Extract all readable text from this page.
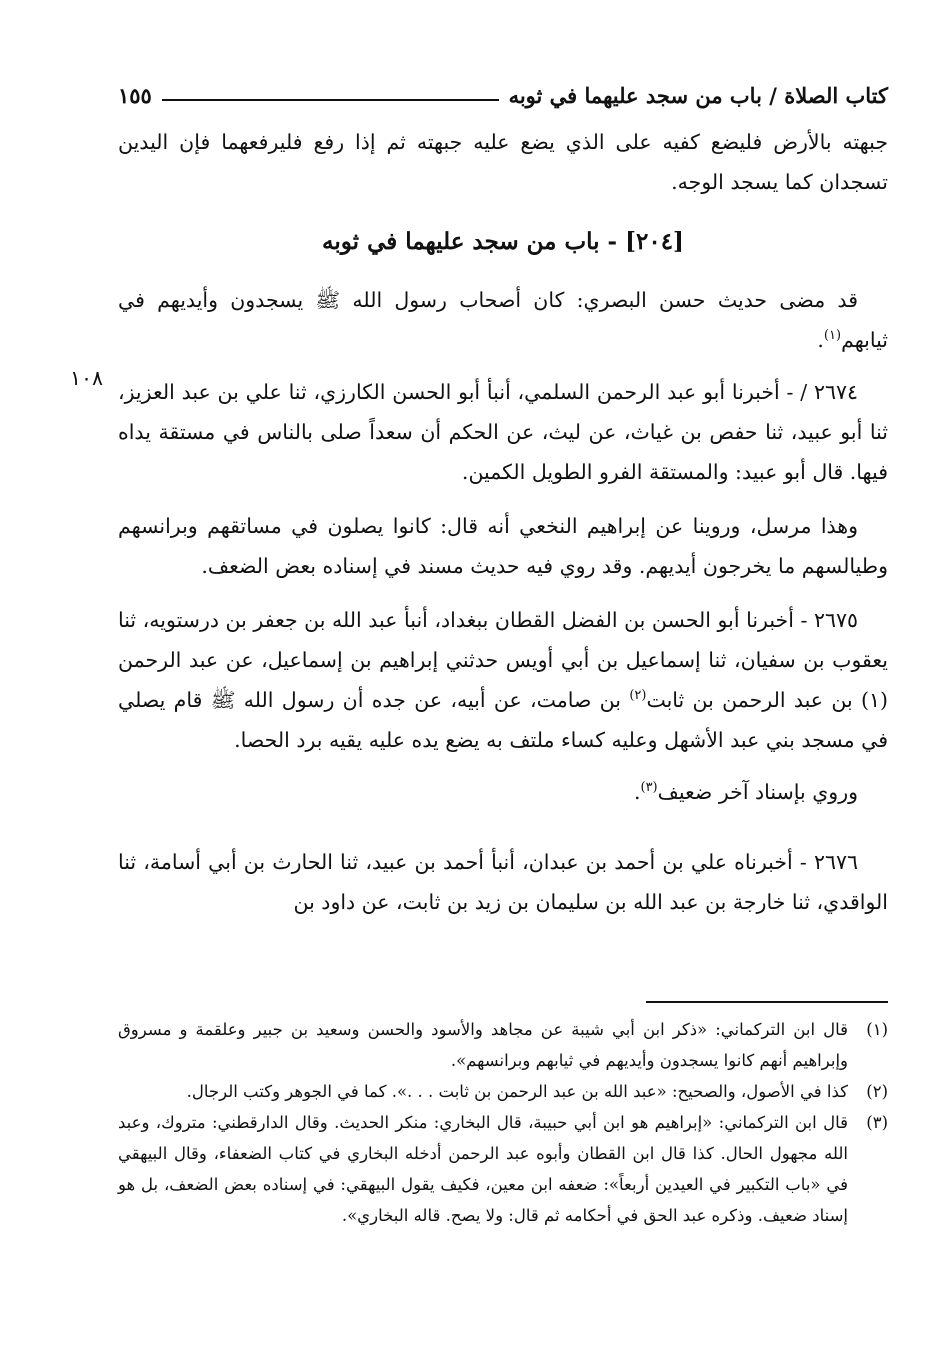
كتاب الصلاة / باب من سجد عليهما في ثوبه
١٥٥
١٠٨

جبهته بالأرض فليضع كفيه على الذي يضع عليه جبهته ثم إذا رفع فليرفعهما فإن اليدين تسجدان كما يسجد الوجه.

[٢٠٤] - باب من سجد عليهما في ثوبه

قد مضى حديث حسن البصري: كان أصحاب رسول الله ﷺ يسجدون وأيديهم في ثيابهم$^{(١)}$.

٢٦٧٤ / - أخبرنا أبو عبد الرحمن السلمي، أنبأ أبو الحسن الكارزي، ثنا علي بن عبد العزيز، ثنا أبو عبيد، ثنا حفص بن غياث، عن ليث، عن الحكم أن سعداً صلى بالناس في مستقة يداه فيها. قال أبو عبيد: والمستقة الفرو الطويل الكمين.

وهذا مرسل، وروينا عن إبراهيم النخعي أنه قال: كانوا يصلون في مساتقهم وبرانسهم وطيالسهم ما يخرجون أيديهم. وقد روي فيه حديث مسند في إسناده بعض الضعف.

٢٦٧٥ - أخبرنا أبو الحسن بن الفضل القطان ببغداد، أنبأ عبد الله بن جعفر بن درستويه، ثنا يعقوب بن سفيان، ثنا إسماعيل بن أبي أويس حدثني إبراهيم بن إسماعيل، عن عبد الرحمن (١) بن عبد الرحمن بن ثابت$^{(٢)}$ بن صامت، عن أبيه، عن جده أن رسول الله ﷺ قام يصلي في مسجد بني عبد الأشهل وعليه كساء ملتف به يضع يده عليه يقيه برد الحصا.

وروي بإسناد آخر ضعيف$^{(٣)}$.

٢٦٧٦ - أخبرناه علي بن أحمد بن عبدان، أنبأ أحمد بن عبيد، ثنا الحارث بن أبي أسامة، ثنا الواقدي، ثنا خارجة بن عبد الله بن سليمان بن زيد بن ثابت، عن داود بن

(١)
قال ابن التركماني: «ذكر ابن أبي شيبة عن مجاهد والأسود والحسن وسعيد بن جبير وعلقمة و مسروق وإبراهيم أنهم كانوا يسجدون وأيديهم في ثيابهم وبرانسهم».
(٢)
كذا في الأصول، والصحيح: «عبد الله بن عبد الرحمن بن ثابت . . .». كما في الجوهر وكتب الرجال.
(٣)
قال ابن التركماني: «إبراهيم هو ابن أبي حبيبة، قال البخاري: منكر الحديث. وقال الدارقطني: متروك، وعبد الله مجهول الحال. كذا قال ابن القطان وأبوه عبد الرحمن أدخله البخاري في كتاب الضعفاء، وقال البيهقي في «باب التكبير في العيدين أربعاً»: ضعفه ابن معين، فكيف يقول البيهقي: في إسناده بعض الضعف، بل هو إسناد ضعيف. وذكره عبد الحق في أحكامه ثم قال: ولا يصح. قاله البخاري».
